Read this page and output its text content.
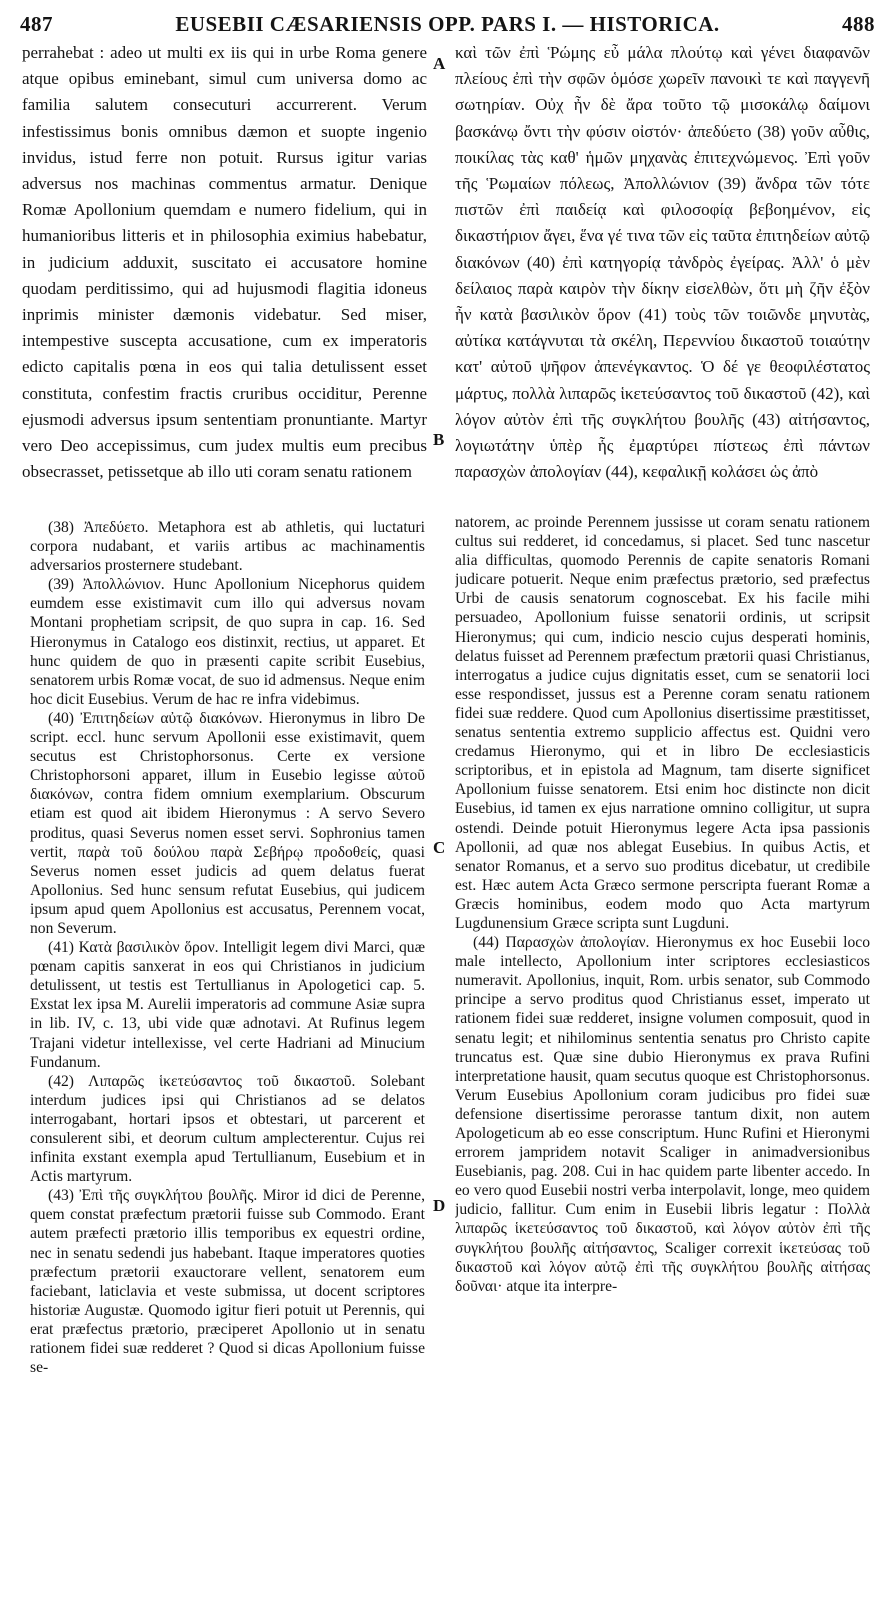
487	EUSEBII CÆSARIENSIS OPP. PARS I. — HISTORICA.	488

perrahebat : adeo ut multi ex iis qui in urbe Roma genere atque opibus eminebant, simul cum universa domo ac familia salutem consecuturi accurrerent. Verum infestissimus bonis omnibus dæmon et suopte ingenio invidus, istud ferre non potuit. Rursus igitur varias adversus nos machinas commentus armatur. Denique Romæ Apollonium quemdam e numero fidelium, qui in humanioribus litteris et in philosophia eximius habebatur, in judicium adduxit, suscitato ei accusatore homine quodam perditissimo, qui ad hujusmodi flagitia idoneus inprimis minister dæmonis videbatur. Sed miser, intempestive suscepta accusatione, cum ex imperatoris edicto capitalis pœna in eos qui talia detulissent esset constituta, confestim fractis cruribus occiditur, Perenne ejusmodi adversus ipsum sententiam pronuntiante. Martyr vero Deo accepissimus, cum judex multis eum precibus obsecrasset, petissetque ab illo uti coram senatu rationem

καὶ τῶν ἐπὶ Ῥώμης εὖ μάλα πλούτῳ καὶ γένει διαφανῶν πλείους ἐπὶ τὴν σφῶν ὁμόσε χωρεῖν πανοικὶ τε καὶ παγγενῆ σωτηρίαν. Οὐχ ἦν δὲ ἄρα τοῦτο τῷ μισοκάλῳ δαίμονι βασκάνῳ ὄντι τὴν φύσιν οἰστόν· ἀπεδύετο (38) γοῦν αὖθις, ποικίλας τὰς καθ' ἡμῶν μηχανὰς ἐπιτεχνώμενος. Ἐπὶ γοῦν τῆς Ῥωμαίων πόλεως, Ἀπολλώνιον (39) ἄνδρα τῶν τότε πιστῶν ἐπὶ παιδείᾳ καὶ φιλοσοφίᾳ βεβοημένον, εἰς δικαστήριον ἄγει, ἕνα γέ τινα τῶν εἰς ταῦτα ἐπιτηδείων αὐτῷ διακόνων (40) ἐπὶ κατηγορίᾳ τἀνδρὸς ἐγείρας. Ἀλλ' ὁ μὲν δείλαιος παρὰ καιρὸν τὴν δίκην εἰσελθὼν, ὅτι μὴ ζῆν ἐξὸν ἦν κατὰ βασιλικὸν ὅρον (41) τοὺς τῶν τοιῶνδε μηνυτὰς, αὐτίκα κατάγνυται τὰ σκέλη, Περεννίου δικαστοῦ τοιαύτην κατ' αὐτοῦ ψῆφον ἀπενέγκαντος. Ὁ δέ γε θεοφιλέστατος μάρτυς, πολλὰ λιπαρῶς ἱκετεύσαντος τοῦ δικαστοῦ (42), καὶ λόγον αὐτὸν ἐπὶ τῆς συγκλήτου βουλῆς (43) αἰτήσαντος, λογιωτάτην ὑπὲρ ἧς ἐμαρτύρει πίστεως ἐπὶ πάντων παρασχὼν ἀπολογίαν (44), κεφαλικῇ κολάσει ὡς ἀπὸ

A
B
C
D

(38) Ἀπεδύετο. Metaphora est ab athletis, qui luctaturi corpora nudabant, et variis artibus ac machinamentis adversarios prosternere studebant.

(39) Ἀπολλώνιον. Hunc Apollonium Nicephorus quidem eumdem esse existimavit cum illo qui adversus novam Montani prophetiam scripsit, de quo supra in cap. 16. Sed Hieronymus in Catalogo eos distinxit, rectius, ut apparet. Et hunc quidem de quo in præsenti capite scribit Eusebius, senatorem urbis Romæ vocat, de suo id admensus. Neque enim hoc dicit Eusebius. Verum de hac re infra videbimus.

(40) Ἐπιτηδείων αὐτῷ διακόνων. Hieronymus in libro De script. eccl. hunc servum Apollonii esse existimavit, quem secutus est Christophorsonus. Certe ex versione Christophorsoni apparet, illum in Eusebio legisse αὐτοῦ διακόνων, contra fidem omnium exemplarium. Obscurum etiam est quod ait ibidem Hieronymus : A servo Severo proditus, quasi Severus nomen esset servi. Sophronius tamen vertit, παρὰ τοῦ δούλου παρὰ Σεβήρῳ προδοθείς, quasi Severus nomen esset judicis ad quem delatus fuerat Apollonius. Sed hunc sensum refutat Eusebius, qui judicem ipsum apud quem Apollonius est accusatus, Perennem vocat, non Severum.

(41) Κατὰ βασιλικὸν ὅρον. Intelligit legem divi Marci, quæ pœnam capitis sanxerat in eos qui Christianos in judicium detulissent, ut testis est Tertullianus in Apologetici cap. 5. Exstat lex ipsa M. Aurelii imperatoris ad commune Asiæ supra in lib. IV, c. 13, ubi vide quæ adnotavi. At Rufinus legem Trajani videtur intellexisse, vel certe Hadriani ad Minucium Fundanum.

(42) Λιπαρῶς ἱκετεύσαντος τοῦ δικαστοῦ. Solebant interdum judices ipsi qui Christianos ad se delatos interrogabant, hortari ipsos et obtestari, ut parcerent et consulerent sibi, et deorum cultum amplecterentur. Cujus rei infinita exstant exempla apud Tertullianum, Eusebium et in Actis martyrum.

(43) Ἐπὶ τῆς συγκλήτου βουλῆς. Miror id dici de Perenne, quem constat præfectum prætorii fuisse sub Commodo. Erant autem præfecti prætorio illis temporibus ex equestri ordine, nec in senatu sedendi jus habebant. Itaque imperatores quoties præfectum prætorii exauctorare vellent, senatorem eum faciebant, laticlavia et veste submissa, ut docent scriptores historiæ Augustæ. Quomodo igitur fieri potuit ut Perennis, qui erat præfectus prætorio, præciperet Apollonio ut in senatu rationem fidei suæ redderet ? Quod si dicas Apollonium fuisse se-

natorem, ac proinde Perennem jussisse ut coram senatu rationem cultus sui redderet, id concedamus, si placet. Sed tunc nascetur alia difficultas, quomodo Perennis de capite senatoris Romani judicare potuerit. Neque enim præfectus prætorio, sed præfectus Urbi de causis senatorum cognoscebat. Ex his facile mihi persuadeo, Apollonium fuisse senatorii ordinis, ut scripsit Hieronymus; qui cum, indicio nescio cujus desperati hominis, delatus fuisset ad Perennem præfectum prætorii quasi Christianus, interrogatus a judice cujus dignitatis esset, cum se senatorii loci esse respondisset, jussus est a Perenne coram senatu rationem fidei suæ reddere. Quod cum Apollonius disertissime præstitisset, senatus sententia extremo supplicio affectus est. Quidni vero credamus Hieronymo, qui et in libro De ecclesiasticis scriptoribus, et in epistola ad Magnum, tam diserte significet Apollonium fuisse senatorem. Etsi enim hoc distincte non dicit Eusebius, id tamen ex ejus narratione omnino colligitur, ut supra ostendi. Deinde potuit Hieronymus legere Acta ipsa passionis Apollonii, ad quæ nos ablegat Eusebius. In quibus Actis, et senator Romanus, et a servo suo proditus dicebatur, ut credibile est. Hæc autem Acta Græco sermone perscripta fuerant Romæ a Græcis hominibus, eodem modo quo Acta martyrum Lugdunensium Græce scripta sunt Lugduni.

(44) Παρασχὼν ἀπολογίαν. Hieronymus ex hoc Eusebii loco male intellecto, Apollonium inter scriptores ecclesiasticos numeravit. Apollonius, inquit, Rom. urbis senator, sub Commodo principe a servo proditus quod Christianus esset, imperato ut rationem fidei suæ redderet, insigne volumen composuit, quod in senatu legit; et nihilominus sententia senatus pro Christo capite truncatus est. Quæ sine dubio Hieronymus ex prava Rufini interpretatione hausit, quam secutus quoque est Christophorsonus. Verum Eusebius Apollonium coram judicibus pro fidei suæ defensione disertissime perorasse tantum dixit, non autem Apologeticum ab eo esse conscriptum. Hunc Rufini et Hieronymi errorem jampridem notavit Scaliger in animadversionibus Eusebianis, pag. 208. Cui in hac quidem parte libenter accedo. In eo vero quod Eusebii nostri verba interpolavit, longe, meo quidem judicio, fallitur. Cum enim in Eusebii libris legatur : Πολλὰ λιπαρῶς ἱκετεύσαντος τοῦ δικαστοῦ, καὶ λόγον αὐτὸν ἐπὶ τῆς συγκλήτου βουλῆς αἰτήσαντος, Scaliger correxit ἱκετεύσας τοῦ δικαστοῦ καὶ λόγον αὐτῷ ἐπὶ τῆς συγκλήτου βουλῆς αἰτήσας δοῦναι· atque ita interpre-
